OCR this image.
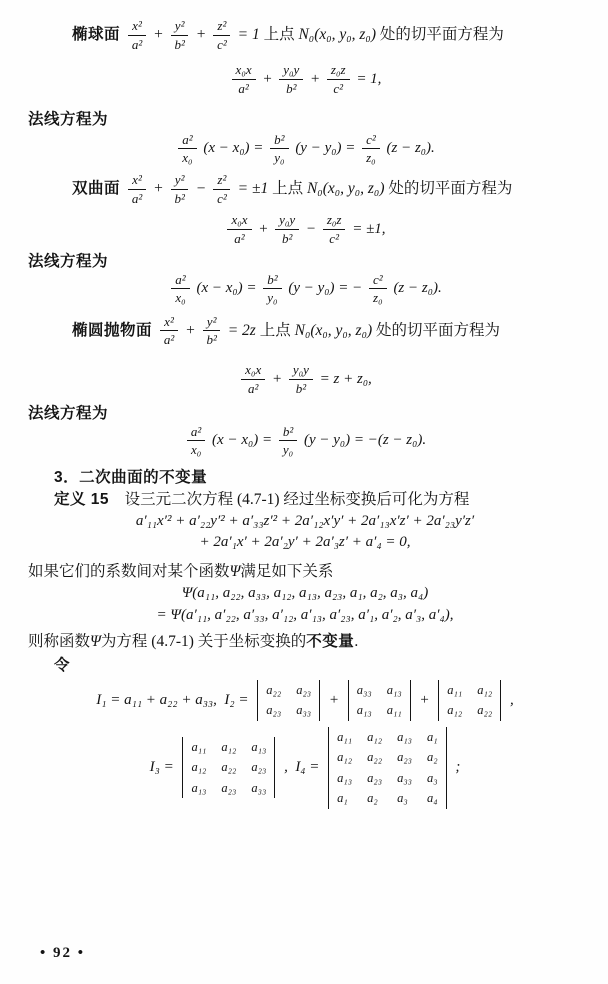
椭球面 $\frac{\text{x²}}{\text{a²}} + \frac{\text{y²}}{\text{b²}} + \frac{\text{z²}}{\text{c²}} = 1$ 上点 N₀(x₀, y₀, z₀) 处的切平面方程为
$\frac{\text{x₀x}}{\text{a²}} + \frac{\text{y₀y}}{\text{b²}} + \frac{\text{z₀z}}{\text{c²}} = 1$,
法线方程为
$\frac{\text{a²}}{\text{x₀}} (x - x_0) = \frac{\text{b²}}{\text{y₀}} (y - y_0) = \frac{\text{c²}}{\text{z₀}} (z - z_0)$.
双曲面 $\frac{\text{x²}}{\text{a²}} + \frac{\text{y²}}{\text{b²}} - \frac{\text{z²}}{\text{c²}} = \pm 1$ 上点 N₀(x₀, y₀, z₀) 处的切平面方程为
$\frac{\text{x₀x}}{\text{a²}} + \frac{\text{y₀y}}{\text{b²}} - \frac{\text{z₀z}}{\text{c²}} = \pm 1$,
法线方程为
$\frac{\text{a²}}{\text{x₀}} (x - x_0) = \frac{\text{b²}}{\text{y₀}} (y - y_0)$ = − $\frac{\text{c²}}{\text{z₀}} (z - z_0)$.
椭圆抛物面 $\frac{\text{x²}}{\text{a²}} + \frac{\text{y²}}{\text{b²}} = 2z$ 上点 N₀(x₀, y₀, z₀) 处的切平面方程为
$\frac{\text{x₀x}}{\text{a²}} + \frac{\text{y₀y}}{\text{b²}} = z + z_0$,
法线方程为
$\frac{\text{a²}}{\text{x₀}} (x - x_0) = \frac{\text{b²}}{\text{y₀}} (y - y_0) = -(z - z_0)$.
3．二次曲面的不变量
定义 15 　设三元二次方程 (4.7-1) 经过坐标变换后可化为方程
a′₁₁x′² + a′₂₂y′² + a′₃₃z′² + 2a′₁₂x′y′ + 2a′₁₃x′z′ + 2a′₂₃y′z′
+ 2a′₁x′ + 2a′₂y′ + 2a′₃z′ + a′₄ = 0,
如果它们的系数间对某个函数 Ψ 满足如下关系
Ψ(a₁₁, a₂₂, a₃₃, a₁₂, a₁₃, a₂₃, a₁, a₂, a₃, a₄)
= Ψ(a′₁₁, a′₂₂, a′₃₃, a′₁₂, a′₁₃, a′₂₃, a′₁, a′₂, a′₃, a′₄),
则称函数 Ψ 为方程 (4.7-1) 关于坐标变换的 不变量 .
令
I₁ = a₁₁ + a₂₂ + a₃₃,  I₂ =
a₂₂ a₂₃
a₂₃ a₃₃
+
a₃₃ a₁₃
a₁₃ a₁₁
+
a₁₁ a₁₂
a₁₂ a₂₂
,
I₃ =
a₁₁ a₁₂ a₁₃
a₁₂ a₂₂ a₂₃
a₁₃ a₂₃ a₃₃
,  I₄ =
a₁₁ a₁₂ a₁₃ a₁
a₁₂ a₂₂ a₂₃ a₂
a₁₃ a₂₃ a₃₃ a₃
a₁	a₂	a₃	a₄
;
• 92 •
